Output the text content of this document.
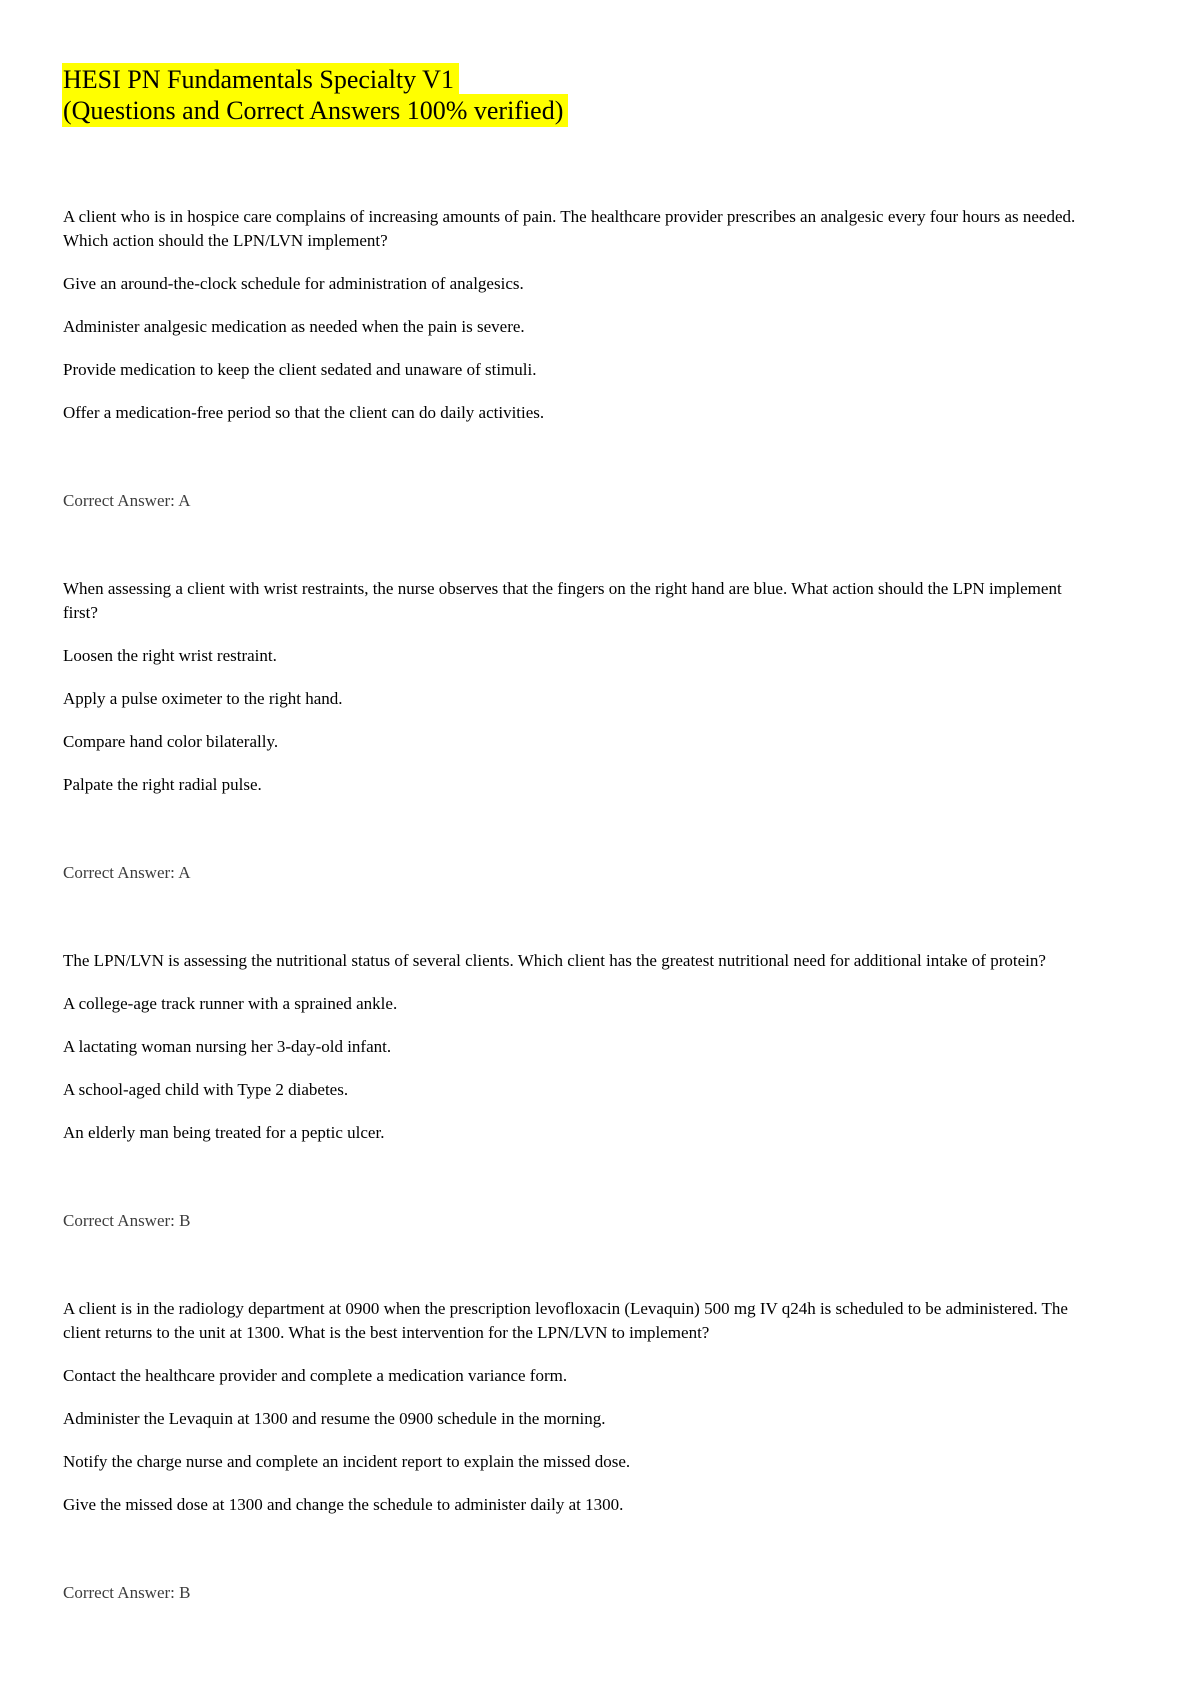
HESI PN Fundamentals Specialty V1
(Questions and Correct Answers 100% verified)

A client who is in hospice care complains of increasing amounts of pain. The healthcare provider prescribes an analgesic every four hours as needed. Which action should the LPN/LVN implement?

Give an around-the-clock schedule for administration of analgesics.

Administer analgesic medication as needed when the pain is severe.

Provide medication to keep the client sedated and unaware of stimuli.

Offer a medication-free period so that the client can do daily activities.

Correct Answer: A

When assessing a client with wrist restraints, the nurse observes that the fingers on the right hand are blue. What action should the LPN implement first?

Loosen the right wrist restraint.

Apply a pulse oximeter to the right hand.

Compare hand color bilaterally.

Palpate the right radial pulse.

Correct Answer: A

The LPN/LVN is assessing the nutritional status of several clients. Which client has the greatest nutritional need for additional intake of protein?

A college-age track runner with a sprained ankle.

A lactating woman nursing her 3-day-old infant.

A school-aged child with Type 2 diabetes.

An elderly man being treated for a peptic ulcer.

Correct Answer: B

A client is in the radiology department at 0900 when the prescription levofloxacin (Levaquin) 500 mg IV q24h is scheduled to be administered. The client returns to the unit at 1300. What is the best intervention for the LPN/LVN to implement?

Contact the healthcare provider and complete a medication variance form.

Administer the Levaquin at 1300 and resume the 0900 schedule in the morning.

Notify the charge nurse and complete an incident report to explain the missed dose.

Give the missed dose at 1300 and change the schedule to administer daily at 1300.

Correct Answer: B
